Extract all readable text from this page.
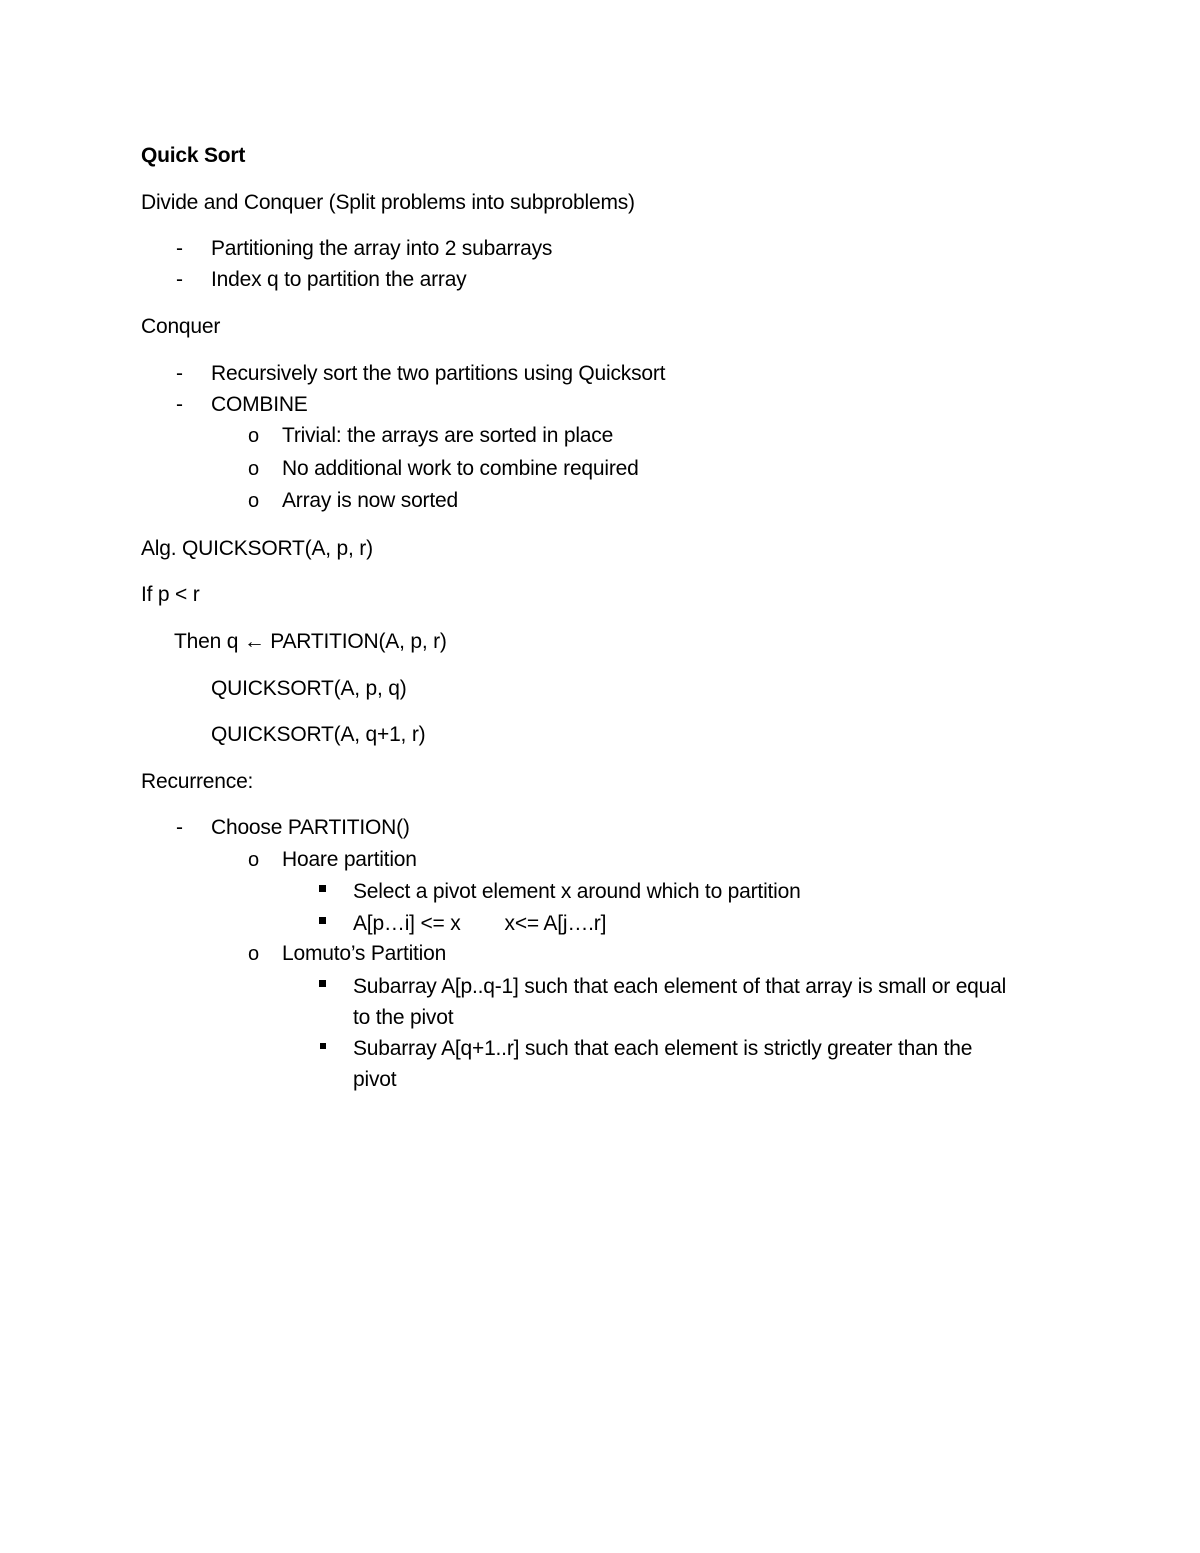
Quick Sort
Divide and Conquer (Split problems into subproblems)
- Partitioning the array into 2 subarrays
- Index q to partition the array
Conquer
- Recursively sort the two partitions using Quicksort
- COMBINE
o Trivial: the arrays are sorted in place
o No additional work to combine required
o Array is now sorted
Alg. QUICKSORT(A, p, r)
If p < r
Then q ← PARTITION(A, p, r)
QUICKSORT(A, p, q)
QUICKSORT(A, q+1, r)
Recurrence:
- Choose PARTITION()
o Hoare partition
Select a pivot element x around which to partition
A[p…i] <= x x<= A[j….r]
o Lomuto’s Partition
Subarray A[p..q-1] such that each element of that array is small or equal
to the pivot
Subarray A[q+1..r] such that each element is strictly greater than the
pivot
